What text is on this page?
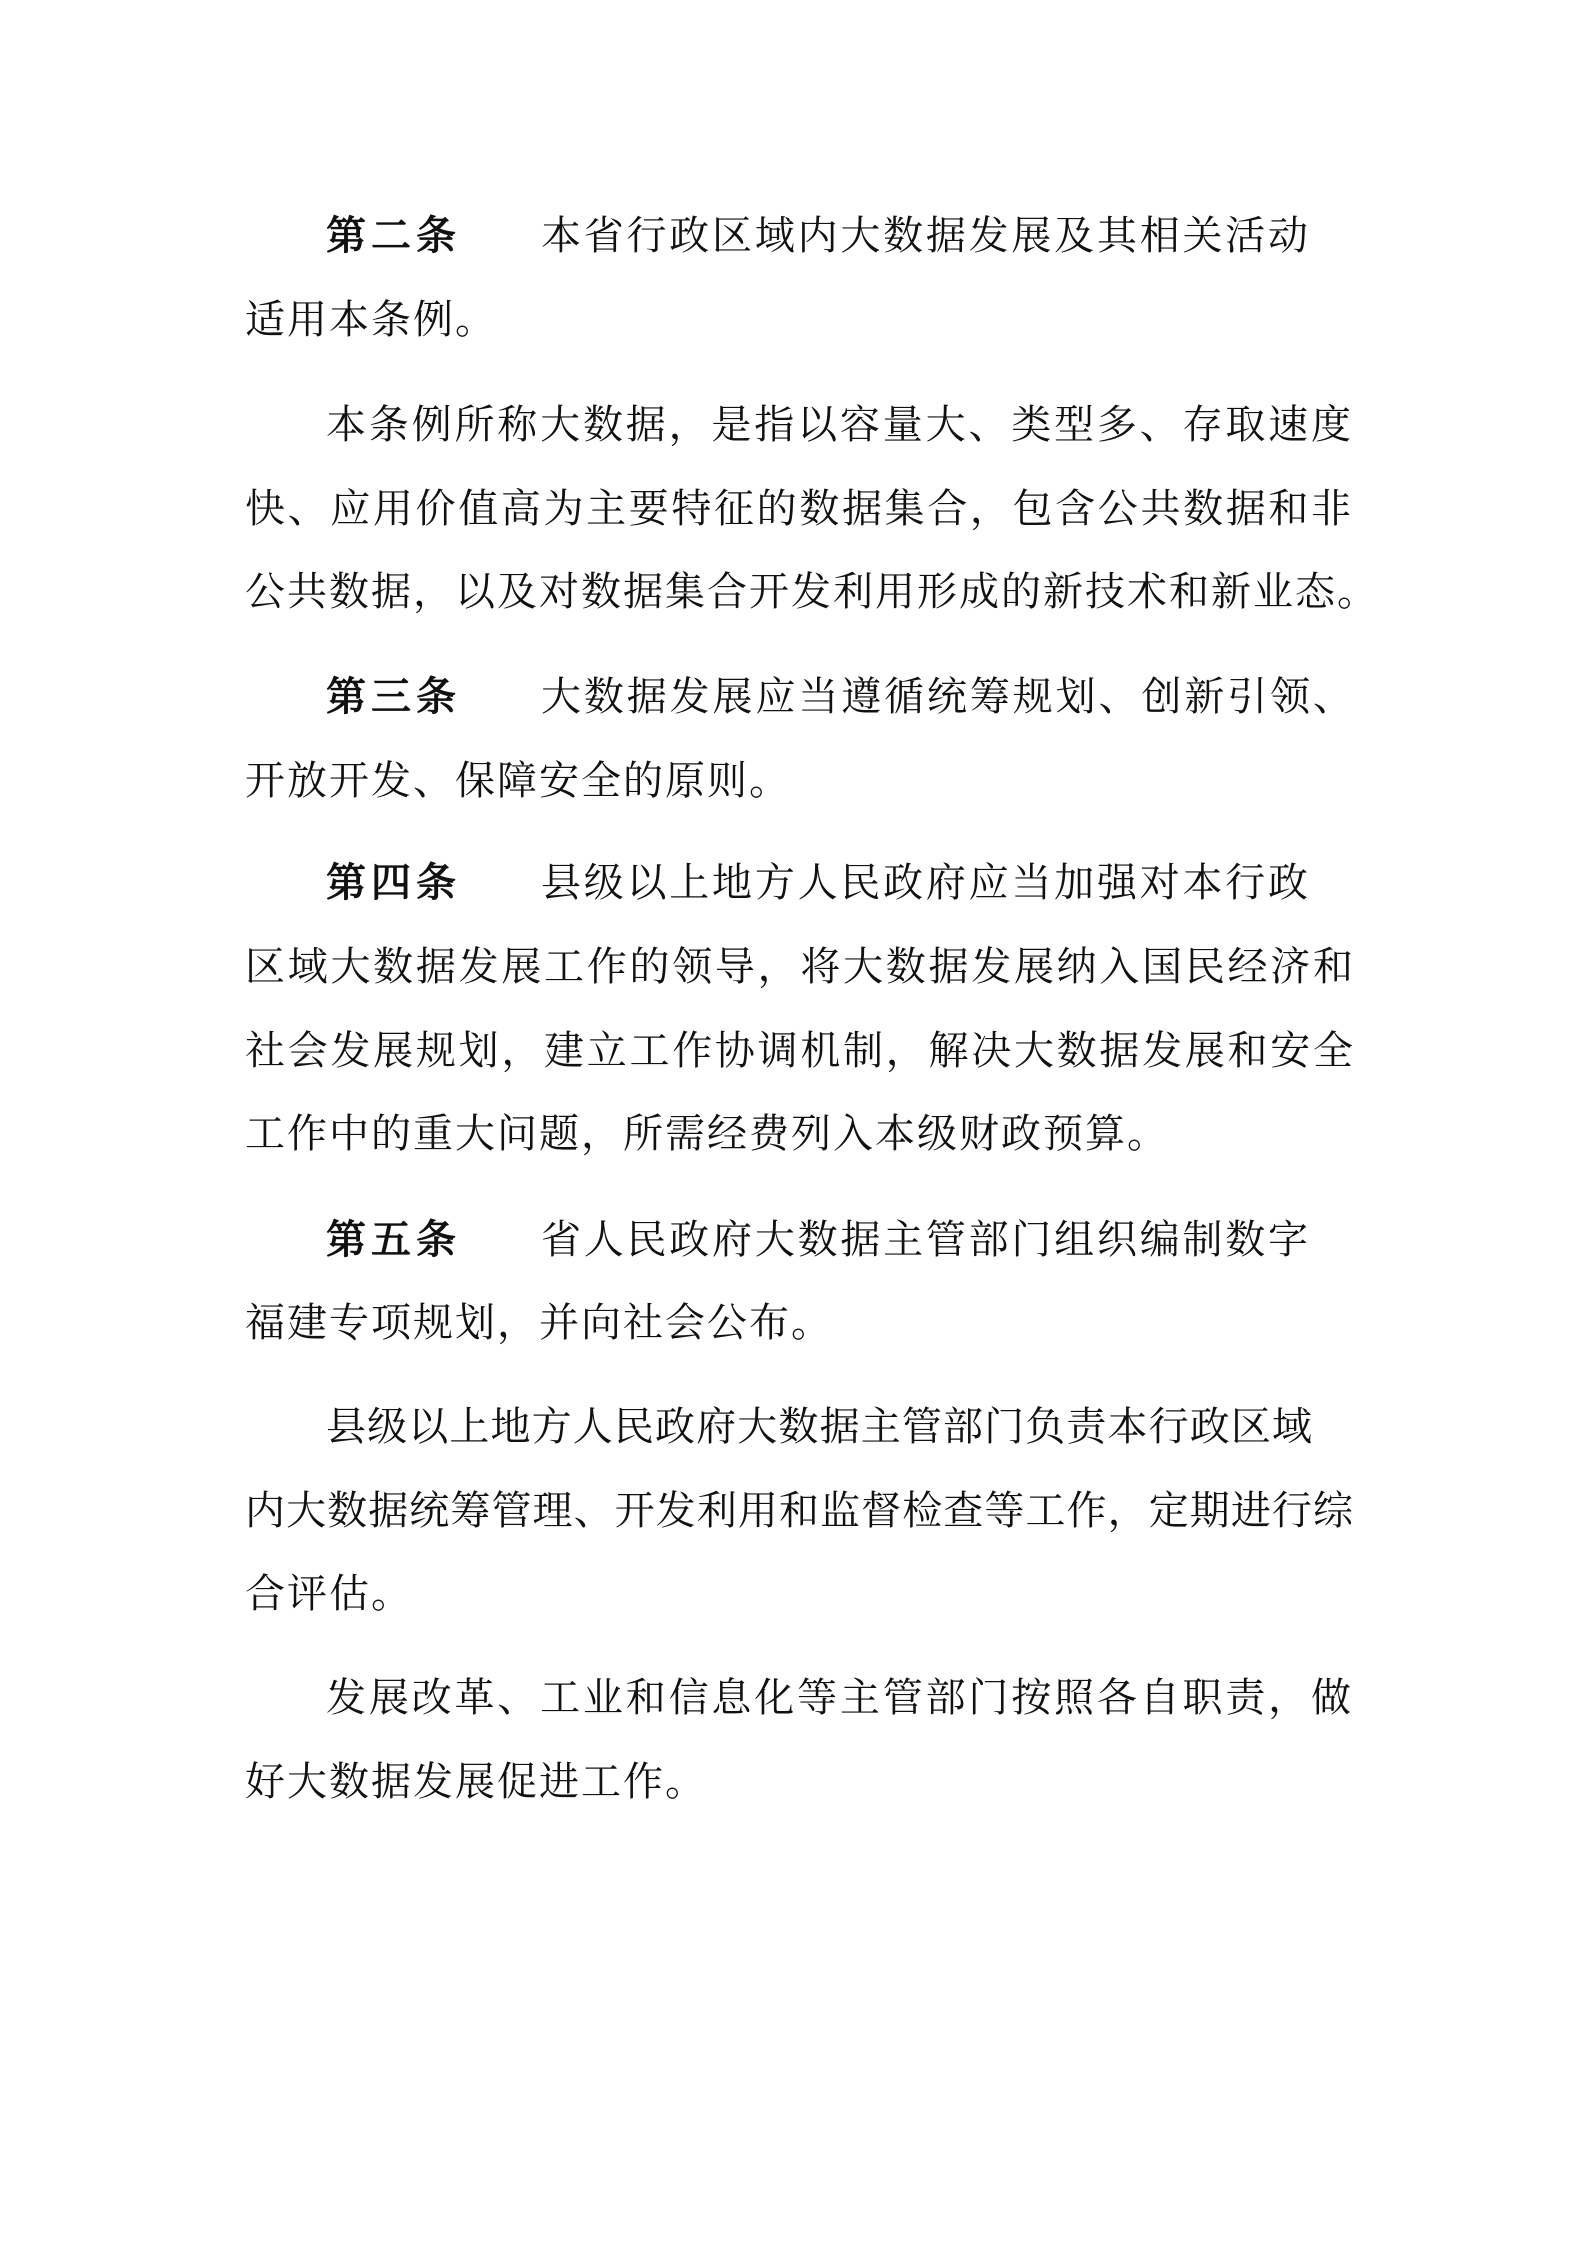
第二条 本省行政区域内大数据发展及其相关活动
适用本条例。
本条例所称大数据，是指以容量大、类型多、存取速度
快、应用价值高为主要特征的数据集合，包含公共数据和非
公共数据，以及对数据集合开发利用形成的新技术和新业态。
第三条 大数据发展应当遵循统筹规划、创新引领、
开放开发、保障安全的原则。
第四条 县级以上地方人民政府应当加强对本行政
区域大数据发展工作的领导，将大数据发展纳入国民经济和
社会发展规划，建立工作协调机制，解决大数据发展和安全
工作中的重大问题，所需经费列入本级财政预算。
第五条 省人民政府大数据主管部门组织编制数字
福建专项规划，并向社会公布。
县级以上地方人民政府大数据主管部门负责本行政区域
内大数据统筹管理、开发利用和监督检查等工作，定期进行综
合评估。
发展改革、工业和信息化等主管部门按照各自职责，做
好大数据发展促进工作。
